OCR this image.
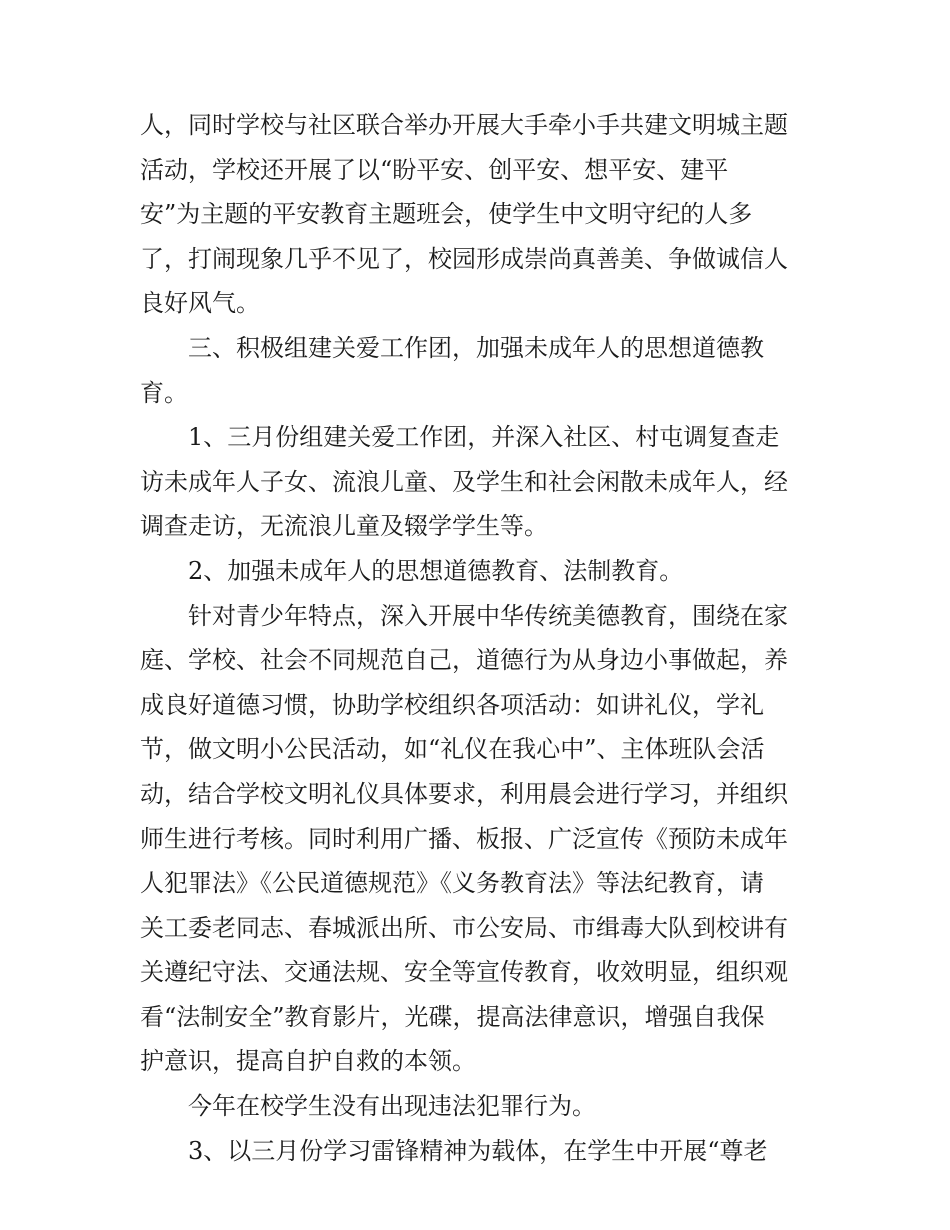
人，同时学校与社区联合举办开展大手牵小手共建文明城主题
活动，学校还开展了以“盼平安、创平安、想平安、建平
安”为主题的平安教育主题班会，使学生中文明守纪的人多
了，打闹现象几乎不见了，校园形成崇尚真善美、争做诚信人
良好风气。
三、积极组建关爱工作团，加强未成年人的思想道德教
育。
1、三月份组建关爱工作团，并深入社区、村屯调复查走
访未成年人子女、流浪儿童、及学生和社会闲散未成年人，经
调查走访，无流浪儿童及辍学学生等。
2、加强未成年人的思想道德教育、法制教育。
针对青少年特点，深入开展中华传统美德教育，围绕在家
庭、学校、社会不同规范自己，道德行为从身边小事做起，养
成良好道德习惯，协助学校组织各项活动：如讲礼仪，学礼
节，做文明小公民活动，如“礼仪在我心中”、主体班队会活
动，结合学校文明礼仪具体要求，利用晨会进行学习，并组织
师生进行考核。同时利用广播、板报、广泛宣传《预防未成年
人犯罪法》《公民道德规范》《义务教育法》等法纪教育，请
关工委老同志、春城派出所、市公安局、市缉毒大队到校讲有
关遵纪守法、交通法规、安全等宣传教育，收效明显，组织观
看“法制安全”教育影片，光碟，提高法律意识，增强自我保
护意识，提高自护自救的本领。
今年在校学生没有出现违法犯罪行为。
3、以三月份学习雷锋精神为载体，在学生中开展“尊老
